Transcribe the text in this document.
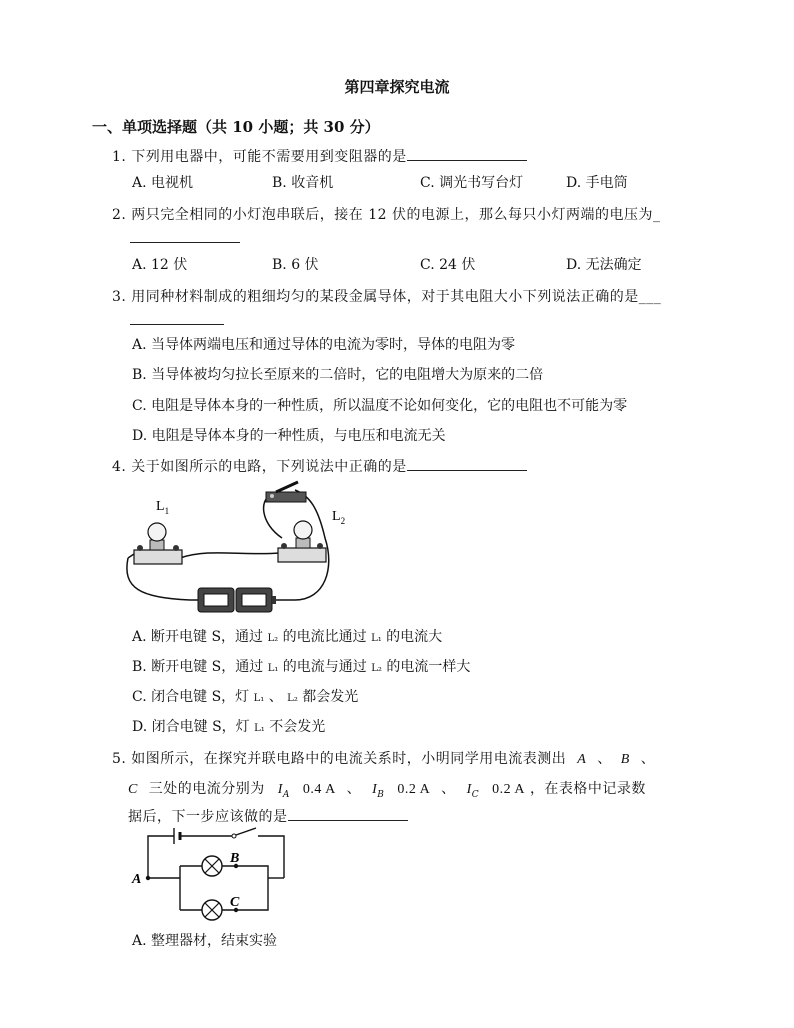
第四章探究电流
一、单项选择题（共 10 小题；共 30 分）
1. 下列用电器中，可能不需要用到变阻器的是
A. 电视机	B. 收音机	C. 调光书写台灯	D. 手电筒
2. 两只完全相同的小灯泡串联后，接在 12 伏的电源上，那么每只小灯两端的电压为_
A. 12 伏	B. 6 伏	C. 24 伏	D. 无法确定
3. 用同种材料制成的粗细均匀的某段金属导体，对于其电阻大小下列说法正确的是___
A. 当导体两端电压和通过导体的电流为零时，导体的电阻为零
B. 当导体被均匀拉长至原来的二倍时，它的电阻增大为原来的二倍
C. 电阻是导体本身的一种性质，所以温度不论如何变化，它的电阻也不可能为零
D. 电阻是导体本身的一种性质，与电压和电流无关
4. 关于如图所示的电路，下列说法中正确的是
$L_1$	$L_2$
A. 断开电键 S，通过 L₂ 的电流比通过 L₁ 的电流大
B. 断开电键 S，通过 L₁ 的电流与通过 L₂ 的电流一样大
C. 闭合电键 S，灯 L₁ 、 L₂ 都会发光
D. 闭合电键 S，灯 L₁ 不会发光
5. 如图所示，在探究并联电路中的电流关系时，小明同学用电流表测出 A 、 B 、
C 三处的电流分别为 $I_A$ 0.4 A 、 $I_B$ 0.2 A 、 $I_C$ 0.2 A ，在表格中记录数
据后，下一步应该做的是
A
B
C
A. 整理器材，结束实验
